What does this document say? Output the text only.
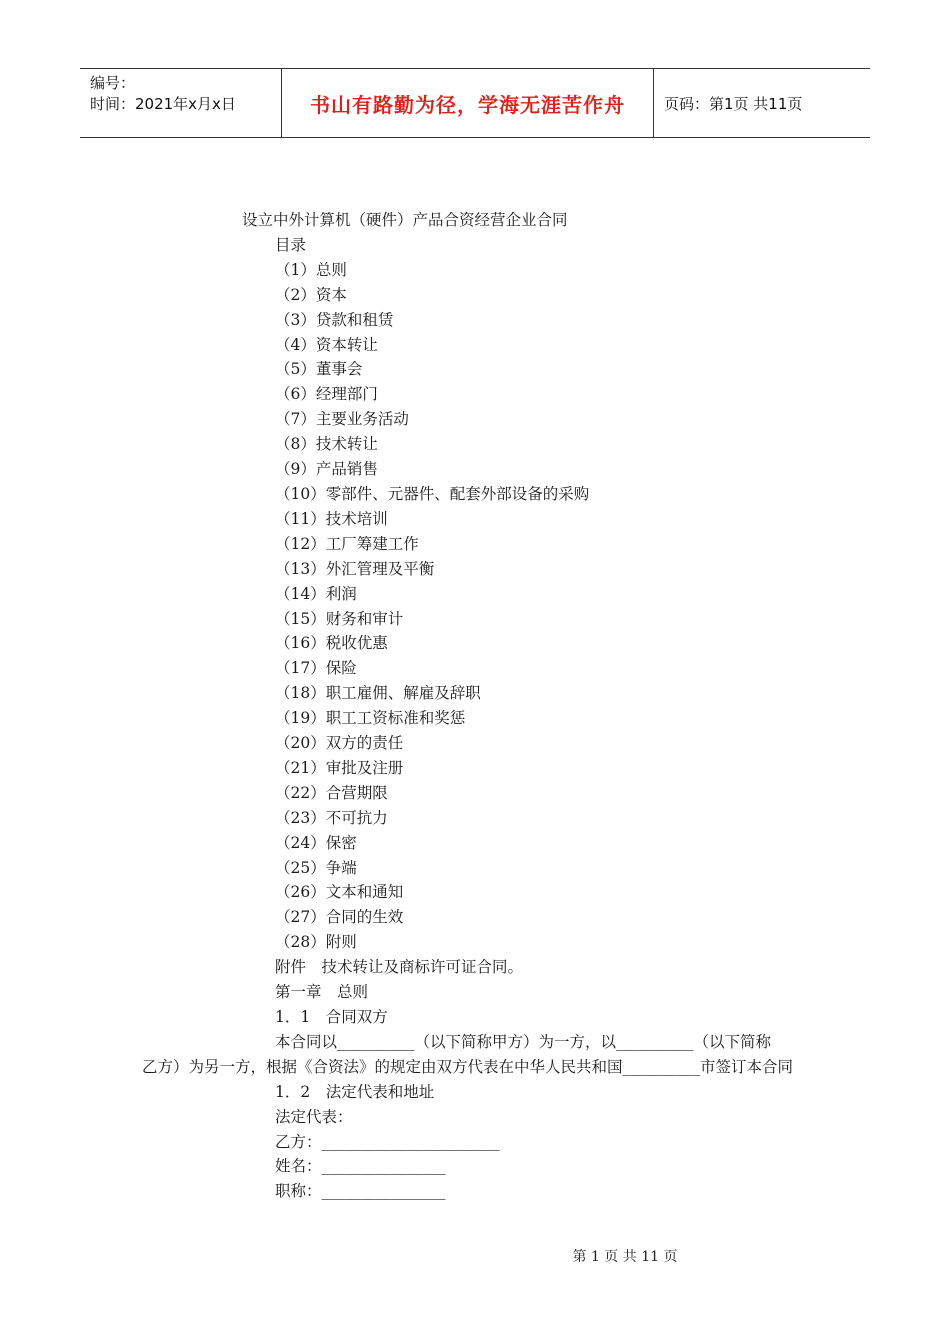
编号：
时间：2021年x月x日	书山有路勤为径，学海无涯苦作舟	页码：第1页 共11页
设立中外计算机（硬件）产品合资经营企业合同
目录
（1）总则
（2）资本
（3）贷款和租赁
（4）资本转让
（5）董事会
（6）经理部门
（7）主要业务活动
（8）技术转让
（9）产品销售
（10）零部件、元器件、配套外部设备的采购
（11）技术培训
（12）工厂筹建工作
（13）外汇管理及平衡
（14）利润
（15）财务和审计
（16）税收优惠
（17）保险
（18）职工雇佣、解雇及辞职
（19）职工工资标准和奖惩
（20）双方的责任
（21）审批及注册
（22）合营期限
（23）不可抗力
（24）保密
（25）争端
（26）文本和通知
（27）合同的生效
（28）附则
附件　技术转让及商标许可证合同。
第一章　总则
1．1　合同双方
本合同以__________（以下简称甲方）为一方，以__________（以下简称
乙方）为另一方，根据《合资法》的规定由双方代表在中华人民共和国__________市签订本合同
1．2　法定代表和地址
法定代表：
乙方：_______________________
姓名：________________
职称：________________
第 1 页 共 11 页
